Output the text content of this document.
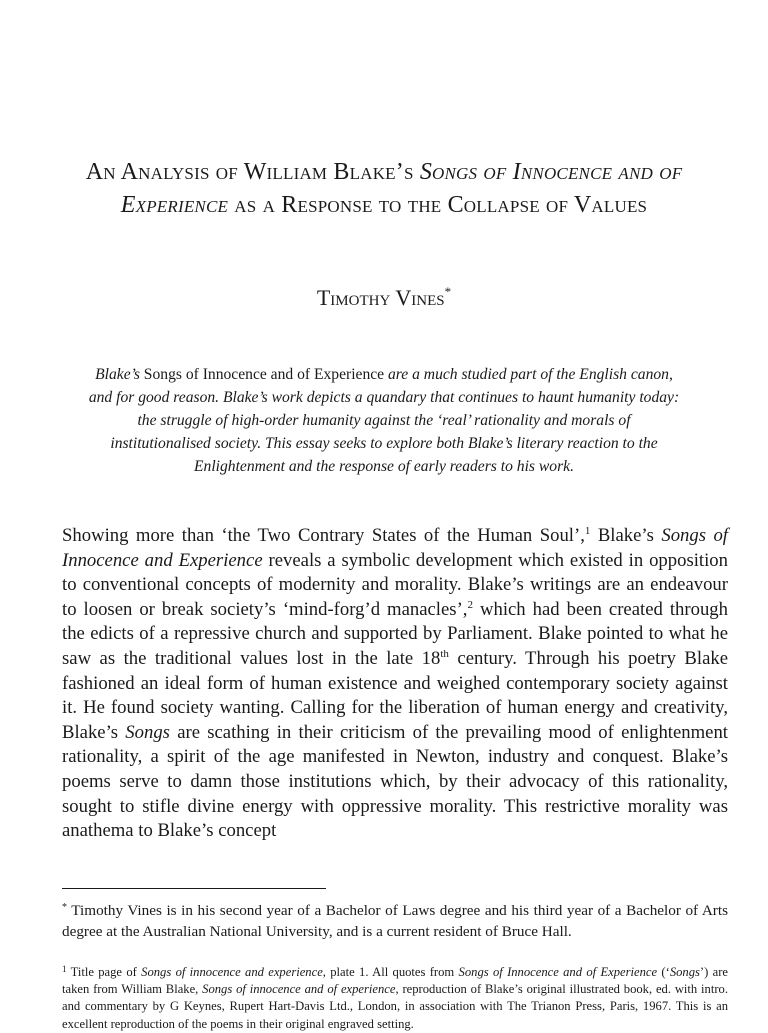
An Analysis of William Blake’s Songs of Innocence and of Experience as a Response to the Collapse of Values

Timothy Vines*

Blake’s Songs of Innocence and of Experience are a much studied part of the English canon, and for good reason. Blake’s work depicts a quandary that continues to haunt humanity today: the struggle of high-order humanity against the ‘real’ rationality and morals of institutionalised society. This essay seeks to explore both Blake’s literary reaction to the Enlightenment and the response of early readers to his work.

Showing more than ‘the Two Contrary States of the Human Soul’,$^1$ Blake’s Songs of Innocence and Experience reveals a symbolic development which existed in opposition to conventional concepts of modernity and morality. Blake’s writings are an endeavour to loosen or break society’s ‘mind-forg’d manacles’,$^2$ which had been created through the edicts of a repressive church and supported by Parliament. Blake pointed to what he saw as the traditional values lost in the late 18th century. Through his poetry Blake fashioned an ideal form of human existence and weighed contemporary society against it. He found society wanting. Calling for the liberation of human energy and creativity, Blake’s Songs are scathing in their criticism of the prevailing mood of enlightenment rationality, a spirit of the age manifested in Newton, industry and conquest. Blake’s poems serve to damn those institutions which, by their advocacy of this rationality, sought to stifle divine energy with oppressive morality. This restrictive morality was anathema to Blake’s concept

* Timothy Vines is in his second year of a Bachelor of Laws degree and his third year of a Bachelor of Arts degree at the Australian National University, and is a current resident of Bruce Hall.

$^1$ Title page of Songs of innocence and experience, plate 1. All quotes from Songs of Innocence and of Experience (‘Songs’) are taken from William Blake, Songs of innocence and of experience, reproduction of Blake’s original illustrated book, ed. with intro. and commentary by G Keynes, Rupert Hart-Davis Ltd., London, in association with The Trianon Press, Paris, 1967. This is an excellent reproduction of the poems in their original engraved setting.
